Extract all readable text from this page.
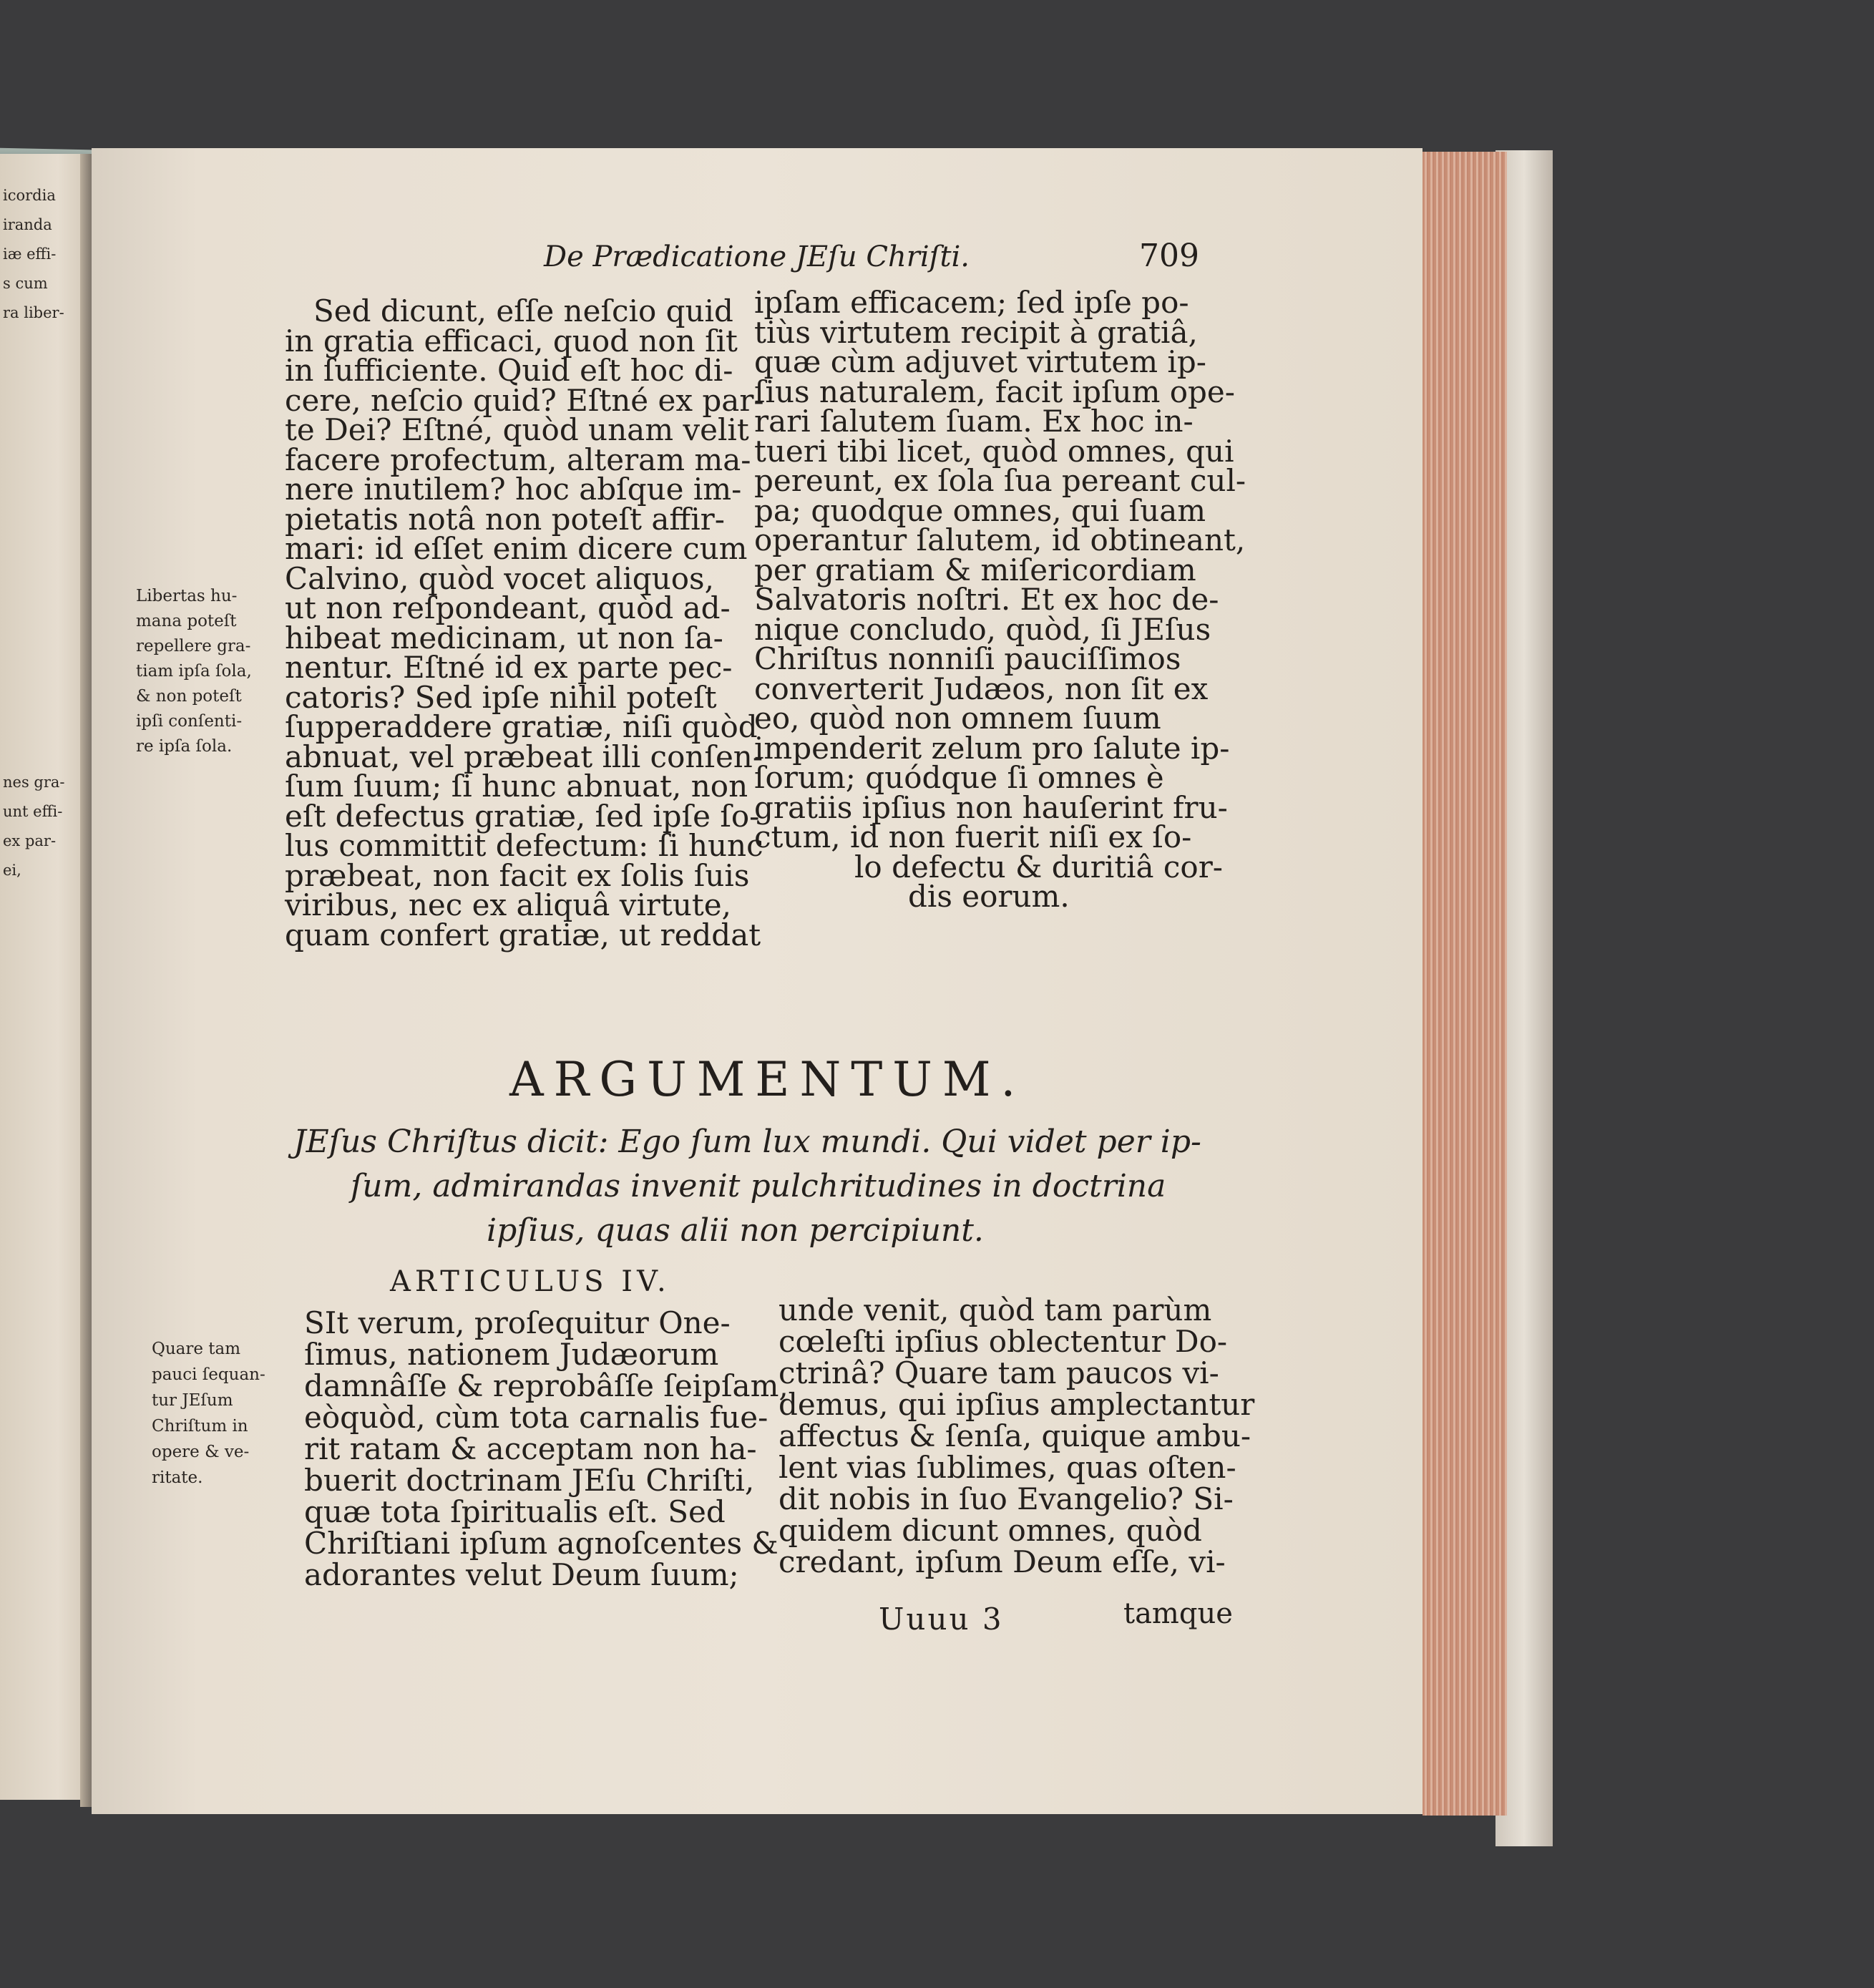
icordia
iranda
iæ effi-
s cum
ra liber-
nes gra-
unt effi-
ex par-
ei,
De Prædicatione JEſu Chriſti.	709
Libertas hu-
mana poteſt
repellere gra-
tiam ipſa ſola,
& non poteſt
ipſi conſenti-
re ipſa ſola.
Sed dicunt, eſſe neſcio quid
in gratia efficaci, quod non ſit
in ſufficiente. Quid eſt hoc di-
cere, neſcio quid? Eſtné ex par-
te Dei? Eſtné, quòd unam velit
facere profectum, alteram ma-
nere inutilem? hoc abſque im-
pietatis notâ non poteſt affir-
mari: id eſſet enim dicere cum
Calvino, quòd vocet aliquos,
ut non reſpondeant, quòd ad-
hibeat medicinam, ut non ſa-
nentur. Eſtné id ex parte pec-
catoris? Sed ipſe nihil poteſt
ſupperaddere gratiæ, niſi quòd
abnuat, vel præbeat illi conſen-
ſum ſuum; ſi hunc abnuat, non
eſt defectus gratiæ, ſed ipſe ſo-
lus committit defectum: ſi hunc
præbeat, non facit ex ſolis ſuis
viribus, nec ex aliquâ virtute,
quam confert gratiæ, ut reddat
ipſam efficacem; ſed ipſe po-
tiùs virtutem recipit à gratiâ,
quæ cùm adjuvet virtutem ip-
ſius naturalem, facit ipſum ope-
rari ſalutem ſuam. Ex hoc in-
tueri tibi licet, quòd omnes, qui
pereunt, ex ſola ſua pereant cul-
pa; quodque omnes, qui ſuam
operantur ſalutem, id obtineant,
per gratiam & miſericordiam
Salvatoris noſtri. Et ex hoc de-
nique concludo, quòd, ſi JEſus
Chriſtus nonniſi pauciſſimos
converterit Judæos, non ſit ex
eo, quòd non omnem ſuum
impenderit zelum pro ſalute ip-
ſorum; quódque ſi omnes è
gratiis ipſius non hauſerint fru-
ctum, id non fuerit niſi ex ſo-
lo defectu & duritiâ cor-
dis eorum.
ARGUMENTUM.
JEſus Chriſtus dicit: Ego ſum lux mundi. Qui videt per ip-
ſum, admirandas invenit pulchritudines in doctrina
ipſius, quas alii non percipiunt.
ARTICULUS IV.
Quare tam
pauci ſequan-
tur JEſum
Chriſtum in
opere & ve-
ritate.
SIt verum, proſequitur One-
ſimus, nationem Judæorum
damnâſſe & reprobâſſe ſeipſam,
eòquòd, cùm tota carnalis fue-
rit ratam & acceptam non ha-
buerit doctrinam JEſu Chriſti,
quæ tota ſpiritualis eſt. Sed
Chriſtiani ipſum agnoſcentes &
adorantes velut Deum ſuum;
unde venit, quòd tam parùm
cœleſti ipſius oblectentur Do-
ctrinâ? Quare tam paucos vi-
demus, qui ipſius amplectantur
affectus & ſenſa, quique ambu-
lent vias ſublimes, quas oſten-
dit nobis in ſuo Evangelio? Si-
quidem dicunt omnes, quòd
credant, ipſum Deum eſſe, vi-
Uuuu 3	tamque
